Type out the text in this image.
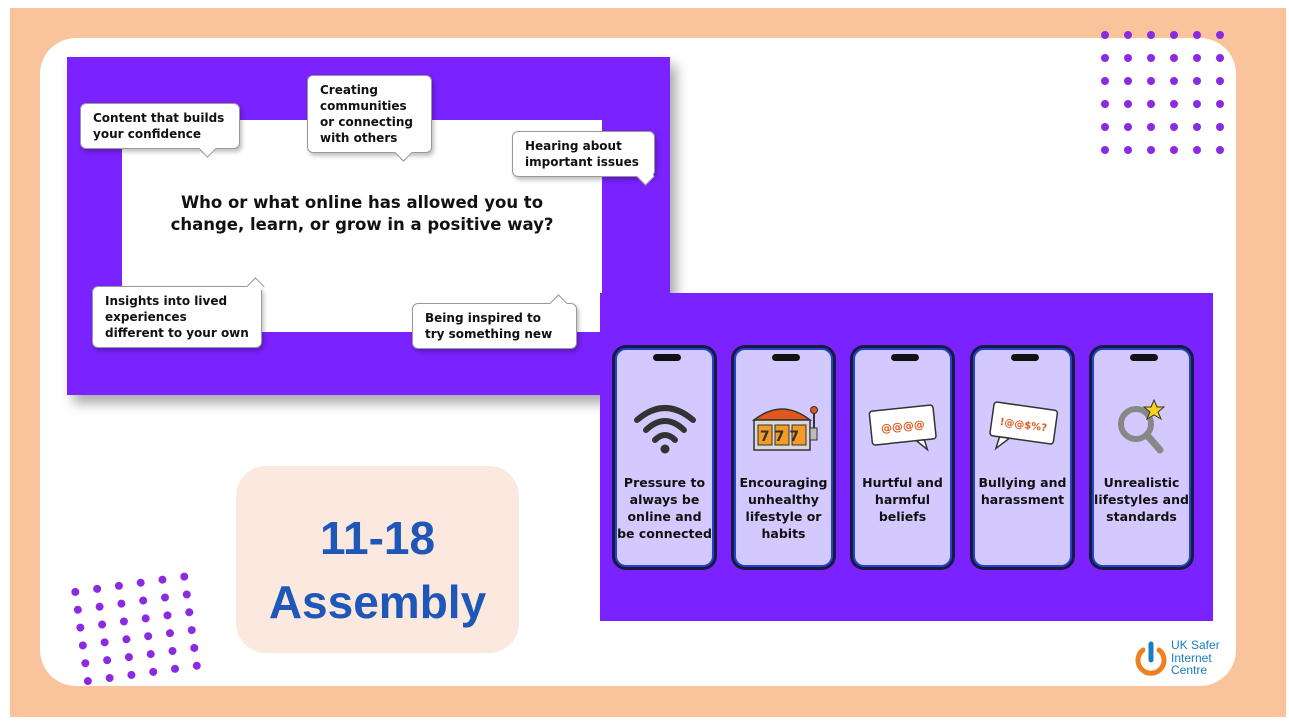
Who or what online has allowed you to change, learn, or grow in a positive way?
Content that builds your confidence
Creating communities or connecting with others
Hearing about important issues
Insights into lived experiences different to your own
Being inspired to try something new
Pressure to always be online and be connected
777
Encouraging unhealthy lifestyle or habits
@@@@
Hurtful and harmful beliefs
!@@$%?
Bullying and harassment
Unrealistic lifestyles and standards
11-18
Assembly
UK Safer
Internet
Centre
